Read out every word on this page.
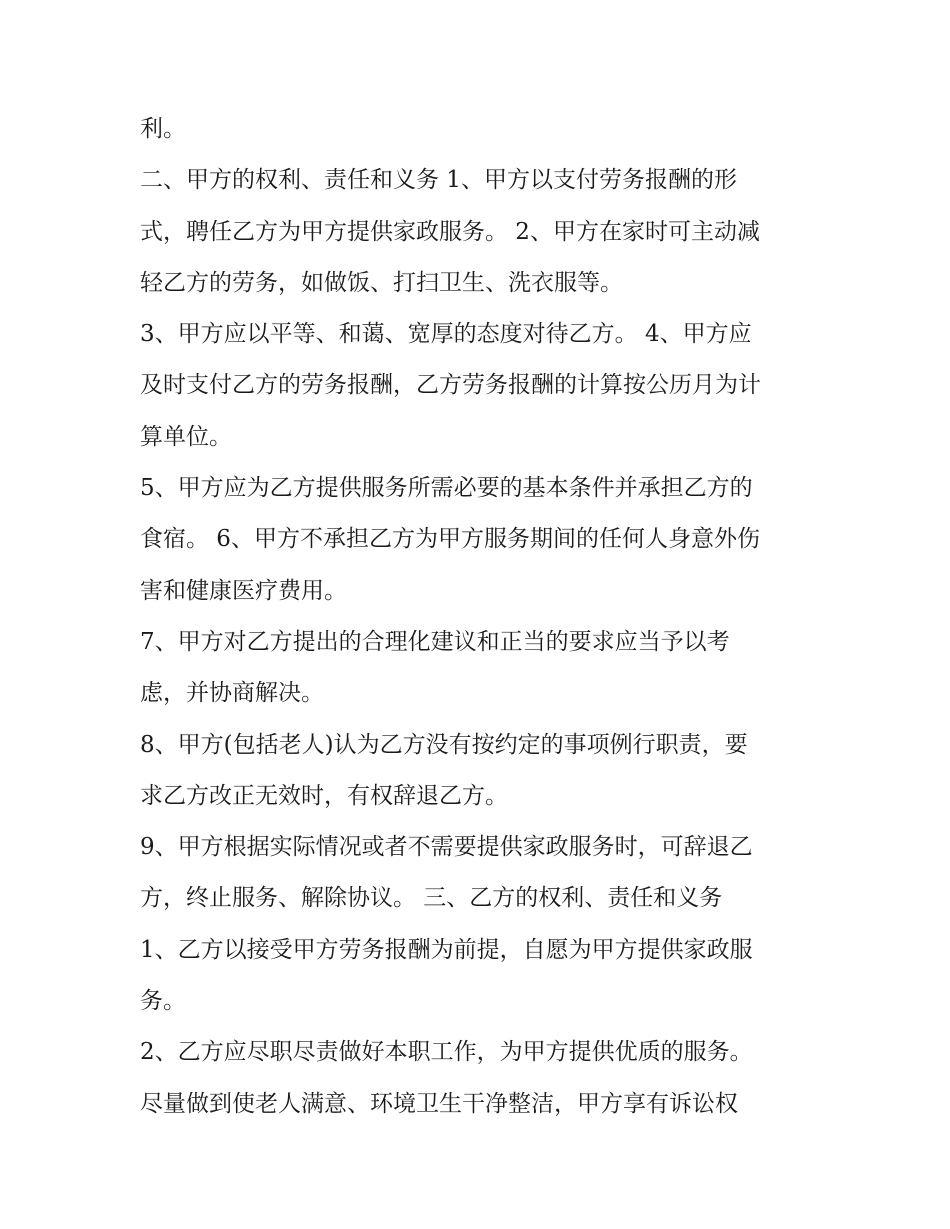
利。
二、甲方的权利、责任和义务 1、甲方以支付劳务报酬的形
式，聘任乙方为甲方提供家政服务。 2、甲方在家时可主动减
轻乙方的劳务，如做饭、打扫卫生、洗衣服等。
3、甲方应以平等、和蔼、宽厚的态度对待乙方。 4、甲方应
及时支付乙方的劳务报酬，乙方劳务报酬的计算按公历月为计
算单位。
5、甲方应为乙方提供服务所需必要的基本条件并承担乙方的
食宿。 6、甲方不承担乙方为甲方服务期间的任何人身意外伤
害和健康医疗费用。
7、甲方对乙方提出的合理化建议和正当的要求应当予以考
虑，并协商解决。
8、甲方(包括老人)认为乙方没有按约定的事项例行职责，要
求乙方改正无效时，有权辞退乙方。
9、甲方根据实际情况或者不需要提供家政服务时，可辞退乙
方，终止服务、解除协议。 三、乙方的权利、责任和义务
1、乙方以接受甲方劳务报酬为前提，自愿为甲方提供家政服
务。
2、乙方应尽职尽责做好本职工作，为甲方提供优质的服务。
尽量做到使老人满意、环境卫生干净整洁，甲方享有诉讼权
